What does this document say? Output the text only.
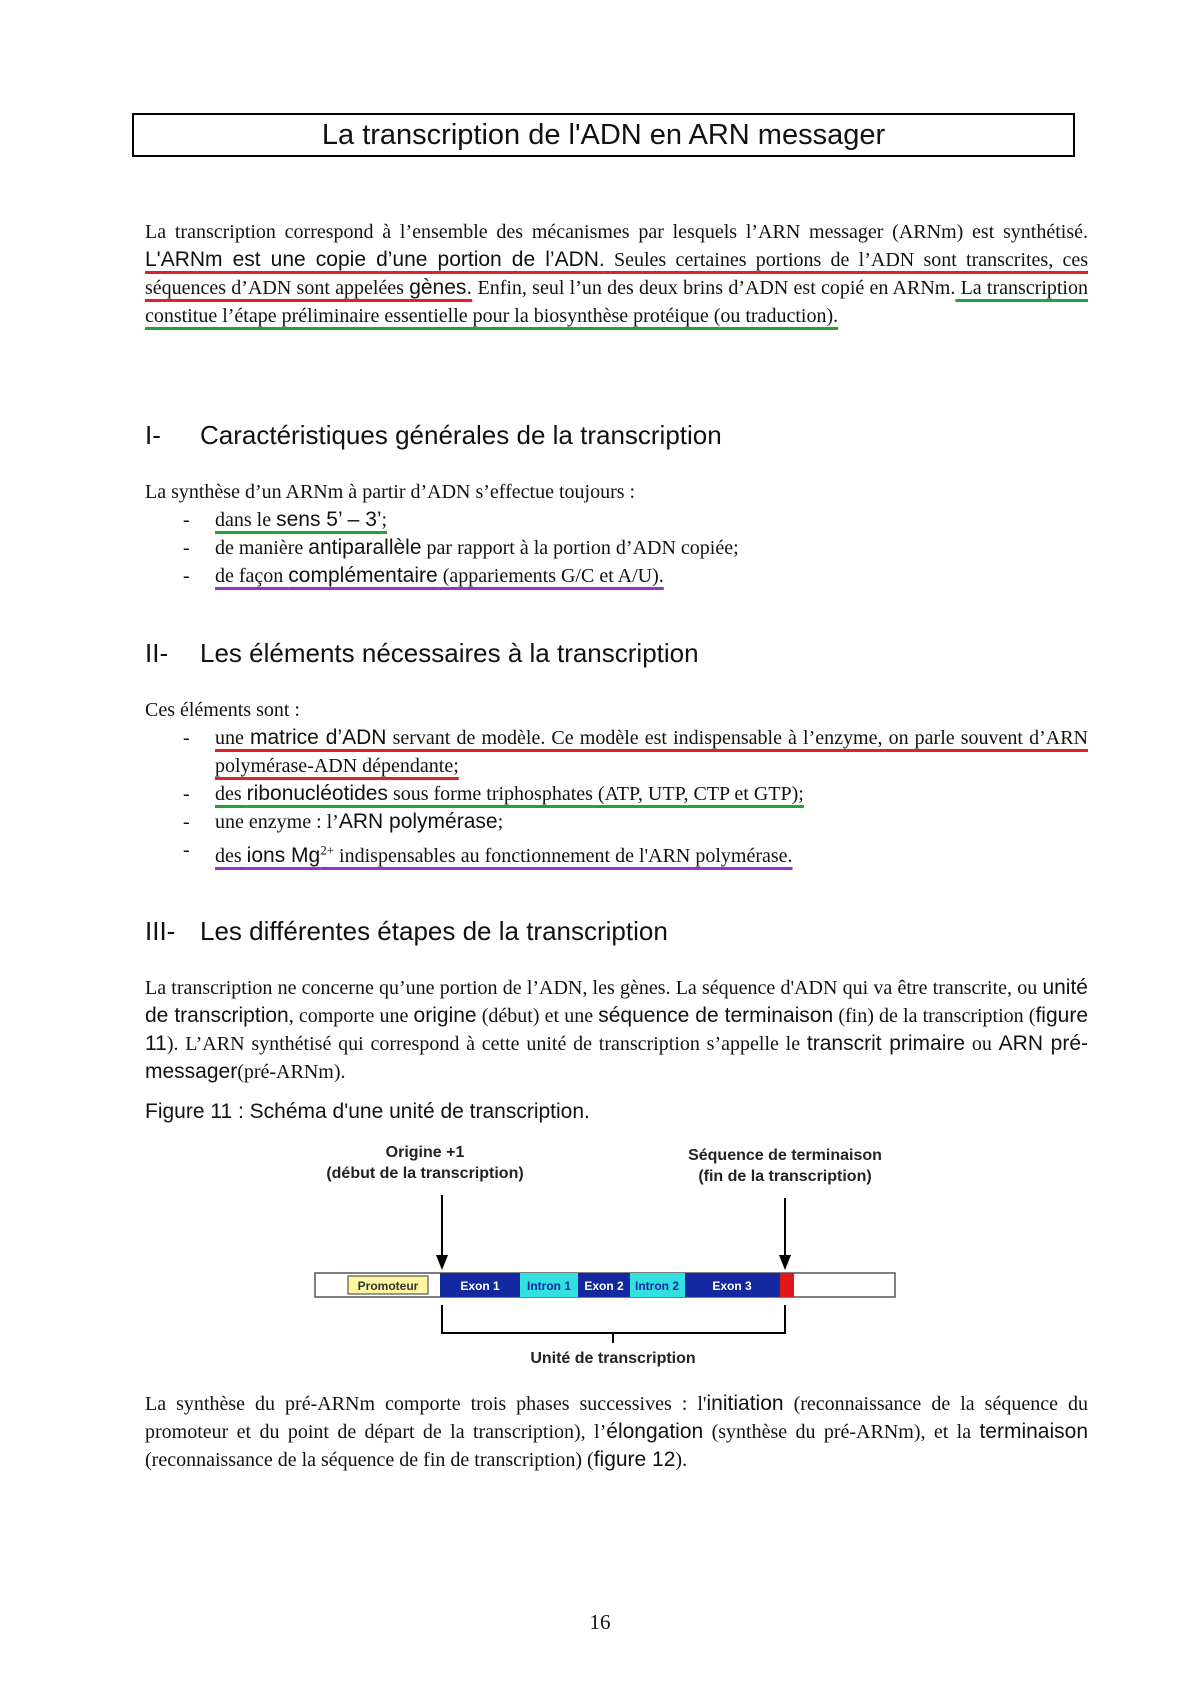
La transcription de l'ADN en ARN messager
La transcription correspond à l’ensemble des mécanismes par lesquels l’ARN messager (ARNm) est synthétisé. L'ARNm est une copie d’une portion de l’ADN. Seules certaines portions de l’ADN sont transcrites, ces séquences d’ADN sont appelées gènes. Enfin, seul l’un des deux brins d’ADN est copié en ARNm. La transcription constitue l’étape préliminaire essentielle pour la biosynthèse protéique (ou traduction).
I- Caractéristiques générales de la transcription
La synthèse d’un ARNm à partir d’ADN s’effectue toujours :
- dans le sens 5’ – 3’;
- de manière antiparallèle par rapport à la portion d’ADN copiée;
- de façon complémentaire (appariements G/C et A/U).
II- Les éléments nécessaires à la transcription
Ces éléments sont :
- une matrice d’ADN servant de modèle. Ce modèle est indispensable à l’enzyme, on parle souvent d’ARN polymérase-ADN dépendante;
- des ribonucléotides sous forme triphosphates (ATP, UTP, CTP et GTP);
- une enzyme : l’ARN polymérase;
- des ions $Mg^{2+}$ indispensables au fonctionnement de l'ARN polymérase.
III- Les différentes étapes de la transcription
La transcription ne concerne qu’une portion de l’ADN, les gènes. La séquence d'ADN qui va être transcrite, ou unité de transcription, comporte une origine (début) et une séquence de terminaison (fin) de la transcription (figure 11). L’ARN synthétisé qui correspond à cette unité de transcription s’appelle le transcrit primaire ou ARN pré-messager(pré-ARNm).
Figure 11 : Schéma d'une unité de transcription.
Origine +1
(début de la transcription)
Séquence de terminaison
(fin de la transcription)
Promoteur	Exon 1 Intron 1 Exon 2 Intron 2	Exon 3
Unité de transcription
La synthèse du pré-ARNm comporte trois phases successives : l'initiation (reconnaissance de la séquence du promoteur et du point de départ de la transcription), l’élongation (synthèse du pré-ARNm), et la terminaison (reconnaissance de la séquence de fin de transcription) (figure 12).
16
